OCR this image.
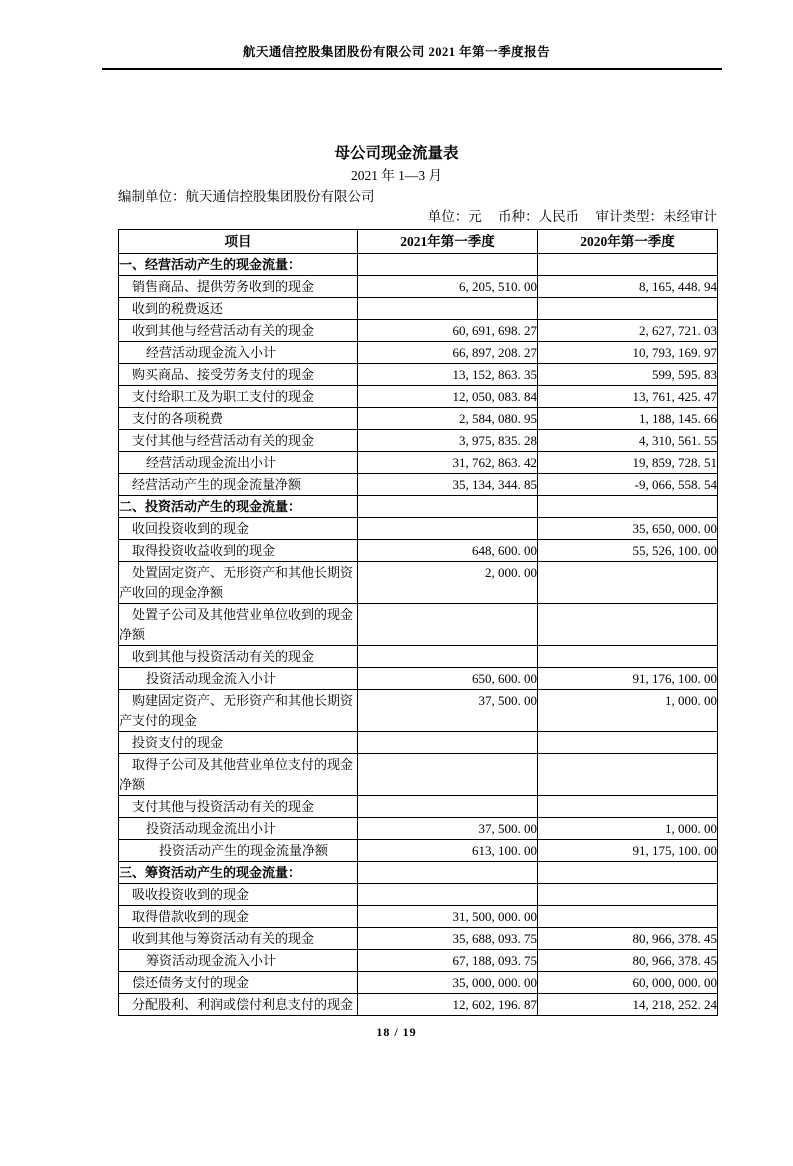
航天通信控股集团股份有限公司 2021 年第一季度报告
母公司现金流量表
2021 年 1—3 月
编制单位：航天通信控股集团股份有限公司
单位：元 币种：人民币 审计类型：未经审计
项目	2021年第一季度	2020年第一季度
一、经营活动产生的现金流量：		
销售商品、提供劳务收到的现金	6, 205, 510. 00	8, 165, 448. 94
收到的税费返还		
收到其他与经营活动有关的现金	60, 691, 698. 27	2, 627, 721. 03
经营活动现金流入小计	66, 897, 208. 27	10, 793, 169. 97
购买商品、接受劳务支付的现金	13, 152, 863. 35	599, 595. 83
支付给职工及为职工支付的现金	12, 050, 083. 84	13, 761, 425. 47
支付的各项税费	2, 584, 080. 95	1, 188, 145. 66
支付其他与经营活动有关的现金	3, 975, 835. 28	4, 310, 561. 55
经营活动现金流出小计	31, 762, 863. 42	19, 859, 728. 51
经营活动产生的现金流量净额	35, 134, 344. 85	-9, 066, 558. 54
二、投资活动产生的现金流量：		
收回投资收到的现金		35, 650, 000. 00
取得投资收益收到的现金	648, 600. 00	55, 526, 100. 00
处置固定资产、无形资产和其他长期资产收回的现金净额	2, 000. 00	
处置子公司及其他营业单位收到的现金净额		
收到其他与投资活动有关的现金		
投资活动现金流入小计	650, 600. 00	91, 176, 100. 00
购建固定资产、无形资产和其他长期资产支付的现金	37, 500. 00	1, 000. 00
投资支付的现金		
取得子公司及其他营业单位支付的现金净额		
支付其他与投资活动有关的现金		
投资活动现金流出小计	37, 500. 00	1, 000. 00
投资活动产生的现金流量净额	613, 100. 00	91, 175, 100. 00
三、筹资活动产生的现金流量：		
吸收投资收到的现金		
取得借款收到的现金	31, 500, 000. 00	
收到其他与筹资活动有关的现金	35, 688, 093. 75	80, 966, 378. 45
筹资活动现金流入小计	67, 188, 093. 75	80, 966, 378. 45
偿还债务支付的现金	35, 000, 000. 00	60, 000, 000. 00
分配股利、利润或偿付利息支付的现金	12, 602, 196. 87	14, 218, 252. 24
18 / 19
